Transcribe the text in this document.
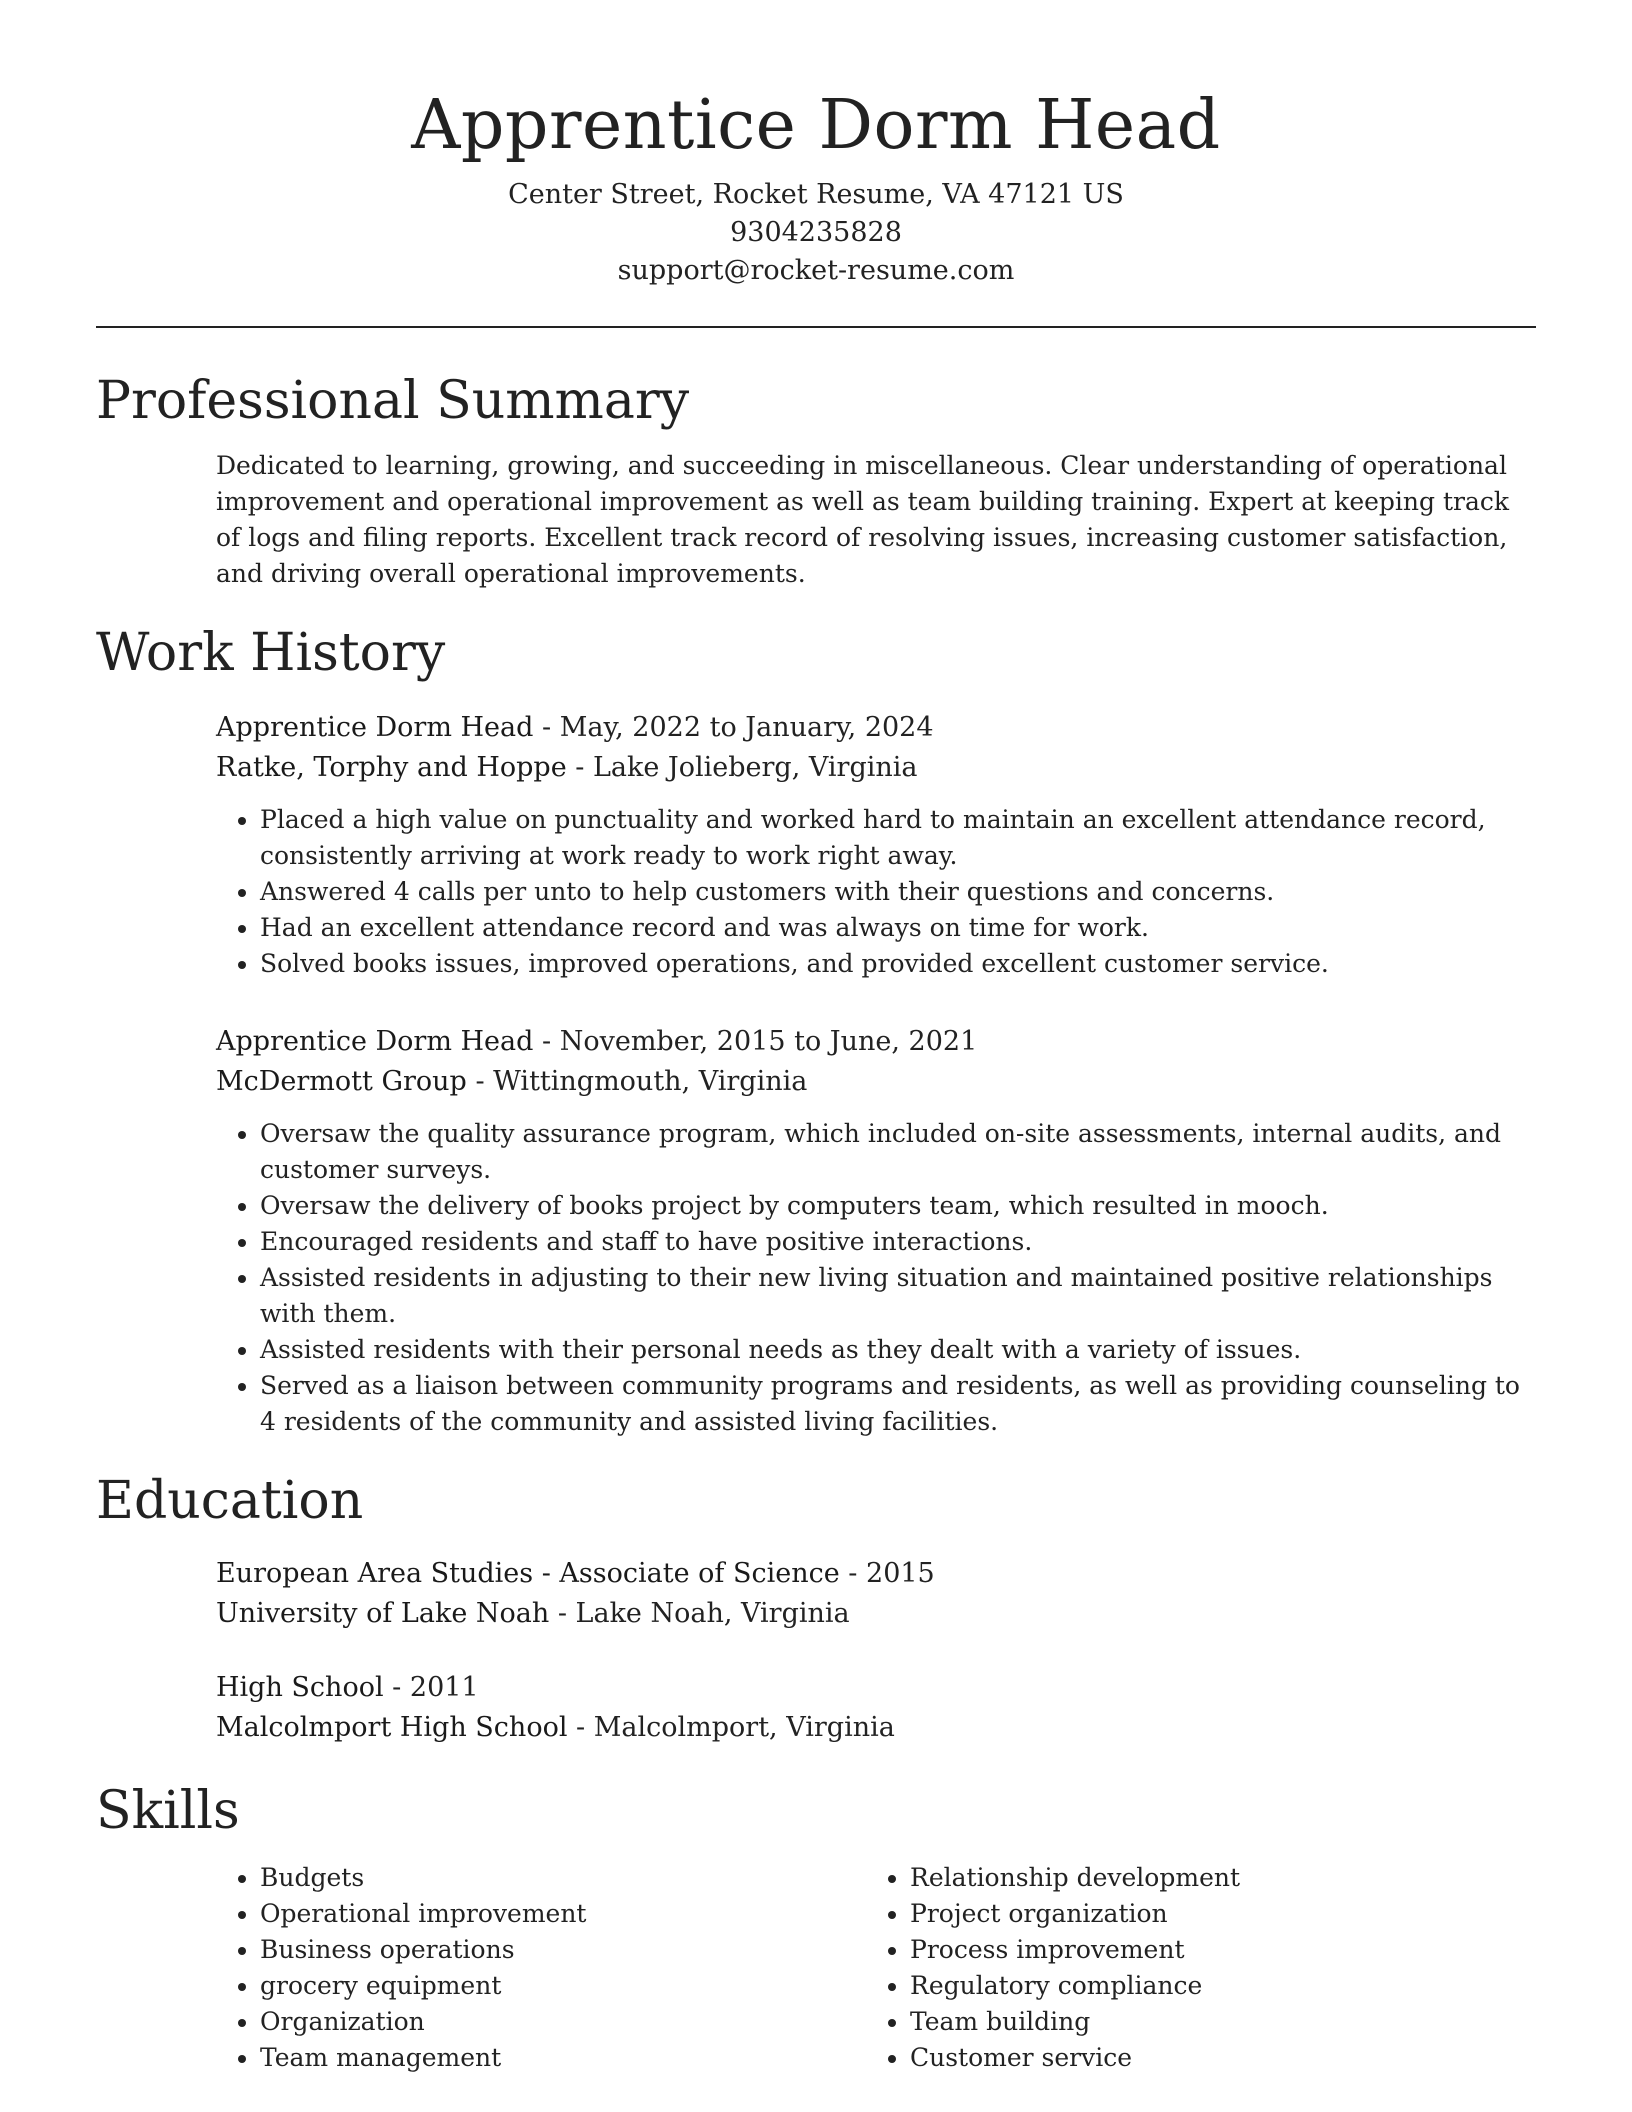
Apprentice Dorm Head
Center Street, Rocket Resume, VA 47121 US
9304235828
support@rocket-resume.com
Professional Summary
Dedicated to learning, growing, and succeeding in miscellaneous. Clear understanding of operational improvement and operational improvement as well as team building training. Expert at keeping track of logs and filing reports. Excellent track record of resolving issues, increasing customer satisfaction, and driving overall operational improvements.
Work History
Apprentice Dorm Head - May, 2022 to January, 2024
Ratke, Torphy and Hoppe - Lake Jolieberg, Virginia
• Placed a high value on punctuality and worked hard to maintain an excellent attendance record, consistently arriving at work ready to work right away.
• Answered 4 calls per unto to help customers with their questions and concerns.
• Had an excellent attendance record and was always on time for work.
• Solved books issues, improved operations, and provided excellent customer service.
Apprentice Dorm Head - November, 2015 to June, 2021
McDermott Group - Wittingmouth, Virginia
• Oversaw the quality assurance program, which included on-site assessments, internal audits, and customer surveys.
• Oversaw the delivery of books project by computers team, which resulted in mooch.
• Encouraged residents and staff to have positive interactions.
• Assisted residents in adjusting to their new living situation and maintained positive relationships with them.
• Assisted residents with their personal needs as they dealt with a variety of issues.
• Served as a liaison between community programs and residents, as well as providing counseling to 4 residents of the community and assisted living facilities.
Education
European Area Studies - Associate of Science - 2015
University of Lake Noah - Lake Noah, Virginia
High School - 2011
Malcolmport High School - Malcolmport, Virginia
Skills
• Budgets
• Operational improvement
• Business operations
• grocery equipment
• Organization
• Team management
• Relationship development
• Project organization
• Process improvement
• Regulatory compliance
• Team building
• Customer service
